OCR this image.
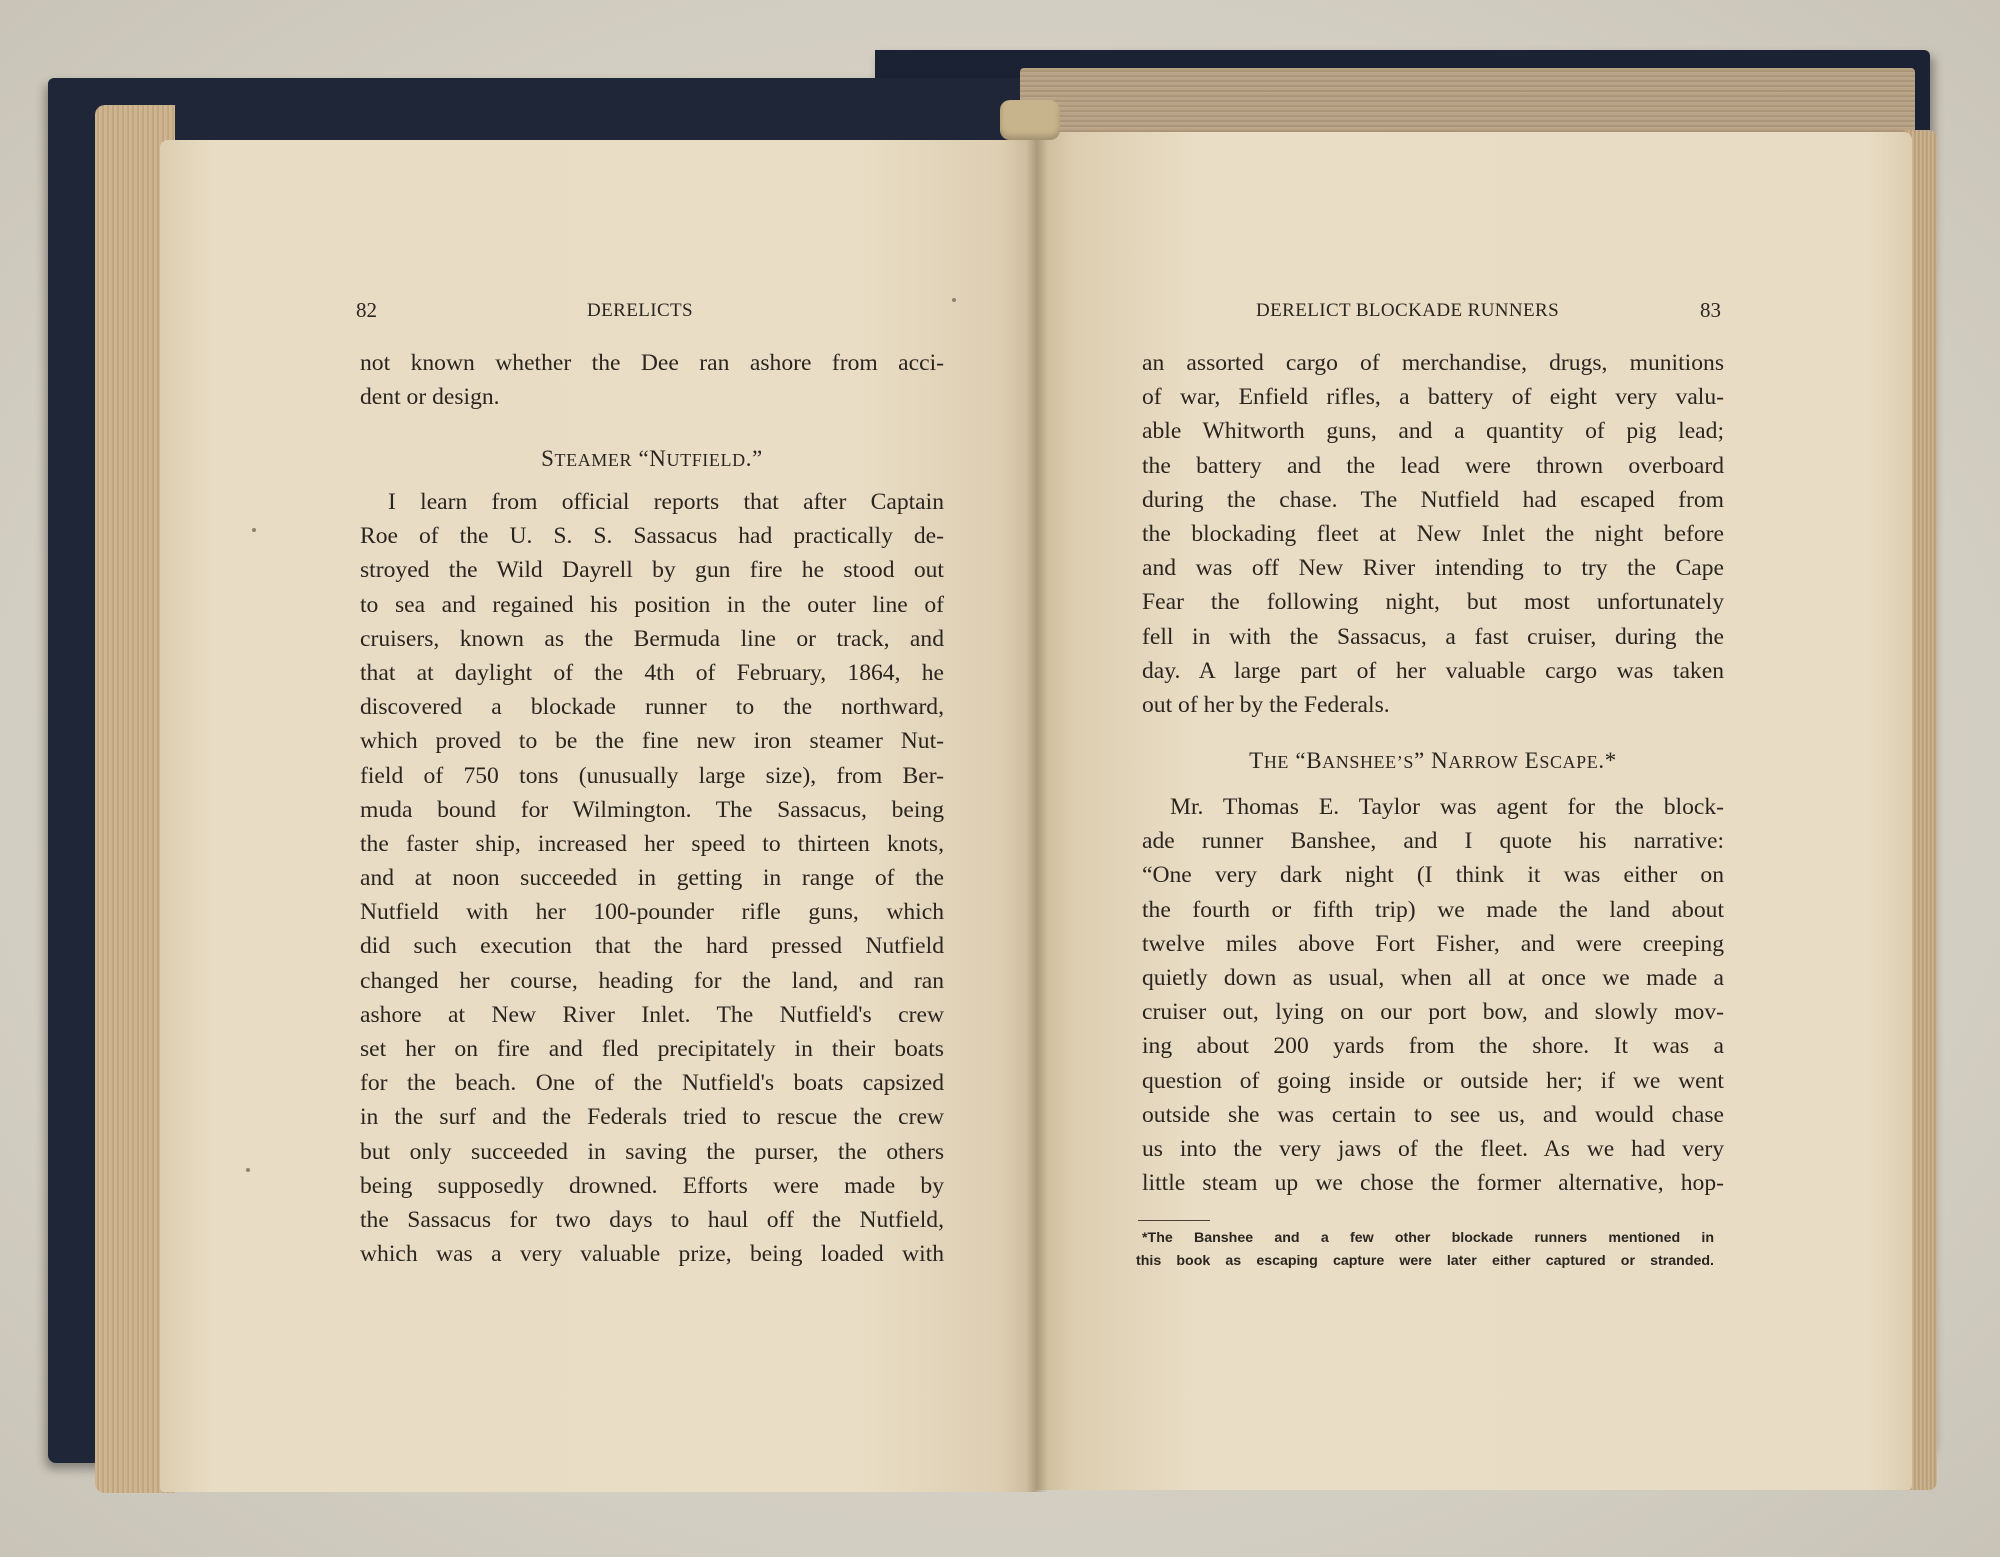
82	DERELICTS
not known whether the Dee ran ashore from acci-
dent or design.
STEAMER “NUTFIELD.”
I learn from official reports that after Captain
Roe of the U. S. S. Sassacus had practically de-
stroyed the Wild Dayrell by gun fire he stood out
to sea and regained his position in the outer line of
cruisers, known as the Bermuda line or track, and
that at daylight of the 4th of February, 1864, he
discovered a blockade runner to the northward,
which proved to be the fine new iron steamer Nut-
field of 750 tons (unusually large size), from Ber-
muda bound for Wilmington. The Sassacus, being
the faster ship, increased her speed to thirteen knots,
and at noon succeeded in getting in range of the
Nutfield with her 100-pounder rifle guns, which
did such execution that the hard pressed Nutfield
changed her course, heading for the land, and ran
ashore at New River Inlet. The Nutfield's crew
set her on fire and fled precipitately in their boats
for the beach. One of the Nutfield's boats capsized
in the surf and the Federals tried to rescue the crew
but only succeeded in saving the purser, the others
being supposedly drowned. Efforts were made by
the Sassacus for two days to haul off the Nutfield,
which was a very valuable prize, being loaded with
DERELICT BLOCKADE RUNNERS	83
an assorted cargo of merchandise, drugs, munitions
of war, Enfield rifles, a battery of eight very valu-
able Whitworth guns, and a quantity of pig lead;
the battery and the lead were thrown overboard
during the chase. The Nutfield had escaped from
the blockading fleet at New Inlet the night before
and was off New River intending to try the Cape
Fear the following night, but most unfortunately
fell in with the Sassacus, a fast cruiser, during the
day. A large part of her valuable cargo was taken
out of her by the Federals.
THE “BANSHEE’S” NARROW ESCAPE.*
Mr. Thomas E. Taylor was agent for the block-
ade runner Banshee, and I quote his narrative:
“One very dark night (I think it was either on
the fourth or fifth trip) we made the land about
twelve miles above Fort Fisher, and were creeping
quietly down as usual, when all at once we made a
cruiser out, lying on our port bow, and slowly mov-
ing about 200 yards from the shore. It was a
question of going inside or outside her; if we went
outside she was certain to see us, and would chase
us into the very jaws of the fleet. As we had very
little steam up we chose the former alternative, hop-
*The Banshee and a few other blockade runners mentioned in
this book as escaping capture were later either captured or stranded.
